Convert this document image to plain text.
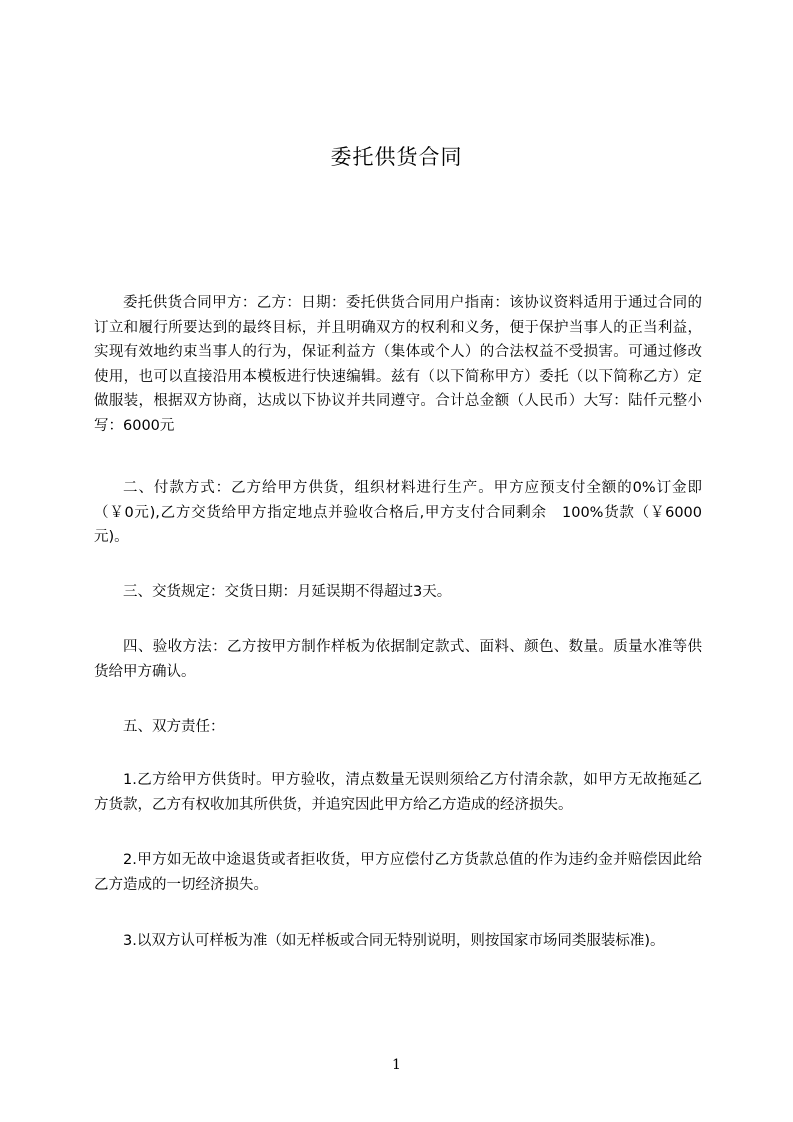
委托供货合同

委托供货合同甲方：乙方：日期：委托供货合同用户指南：该协议资料适用于通过合同的订立和履行所要达到的最终目标，并且明确双方的权利和义务，便于保护当事人的正当利益，实现有效地约束当事人的行为，保证利益方（集体或个人）的合法权益不受损害。可通过修改使用，也可以直接沿用本模板进行快速编辑。兹有（以下简称甲方）委托（以下简称乙方）定做服装，根据双方协商，达成以下协议并共同遵守。合计总金额（人民币）大写：陆仟元整小写：6000元

二、付款方式：乙方给甲方供货，组织材料进行生产。甲方应预支付全额的0%订金即（￥0元),乙方交货给甲方指定地点并验收合格后,甲方支付合同剩余　100%货款（￥6000元)。

三、交货规定：交货日期：月延误期不得超过3天。

四、验收方法：乙方按甲方制作样板为依据制定款式、面料、颜色、数量。质量水准等供货给甲方确认。

五、双方责任：

1.乙方给甲方供货时。甲方验收，清点数量无误则须给乙方付清余款，如甲方无故拖延乙方货款，乙方有权收加其所供货，并追究因此甲方给乙方造成的经济损失。

2.甲方如无故中途退货或者拒收货，甲方应偿付乙方货款总值的作为违约金并赔偿因此给乙方造成的一切经济损失。

3.以双方认可样板为准（如无样板或合同无特别说明，则按国家市场同类服装标准)。

1
